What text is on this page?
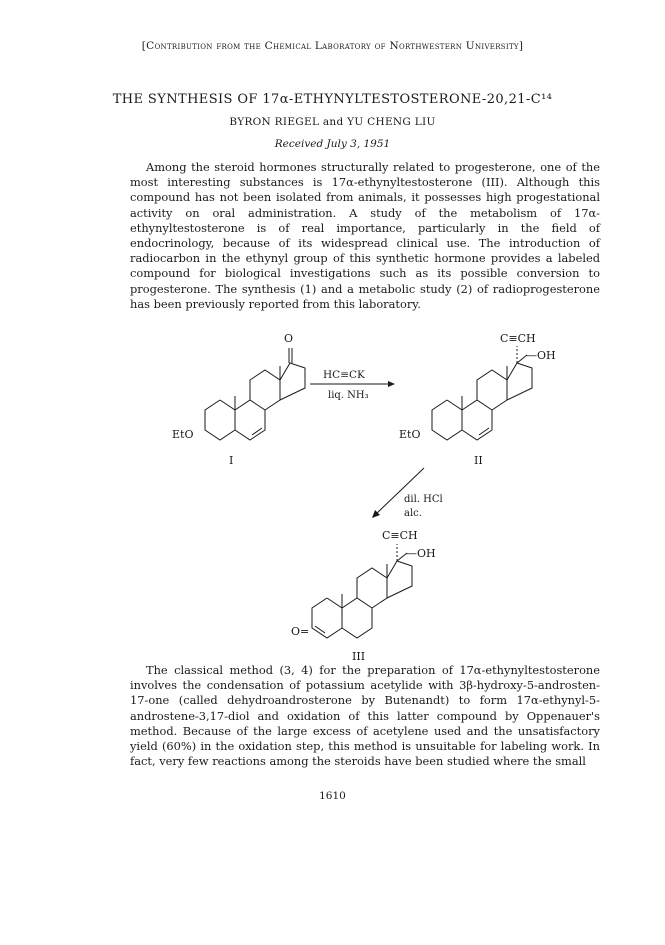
[Contribution from the Chemical Laboratory of Northwestern University]
THE SYNTHESIS OF 17α-ETHYNYLTESTOSTERONE-20,21-C¹⁴
BYRON RIEGEL and YU CHENG LIU
Received July 3, 1951

Among the steroid hormones structurally related to progesterone, one of the most interesting substances is 17α-ethynyltestosterone (III). Although this compound has not been isolated from animals, it possesses high progestational activity on oral administration. A study of the metabolism of 17α-ethynyltestosterone is of real importance, particularly in the field of endocrinology, because of its widespread clinical use. The introduction of radiocarbon in the ethynyl group of this synthetic hormone provides a labeled compound for biological investigations such as its possible conversion to progesterone. The synthesis (1) and a metabolic study (2) of radioprogesterone has been previously reported from this laboratory.

O
EtO
I
HC≡CK
liq. NH₃
C≡CH
—OH
EtO
II
dil. HCl
alc.
C≡CH
—OH
O=
III

The classical method (3, 4) for the preparation of 17α-ethynyltestosterone involves the condensation of potassium acetylide with 3β-hydroxy-5-androsten-17-one (called dehydroandrosterone by Butenandt) to form 17α-ethynyl-5-androstene-3,17-diol and oxidation of this latter compound by Oppenauer's method. Because of the large excess of acetylene used and the unsatisfactory yield (60%) in the oxidation step, this method is unsuitable for labeling work. In fact, very few reactions among the steroids have been studied where the small

1610
